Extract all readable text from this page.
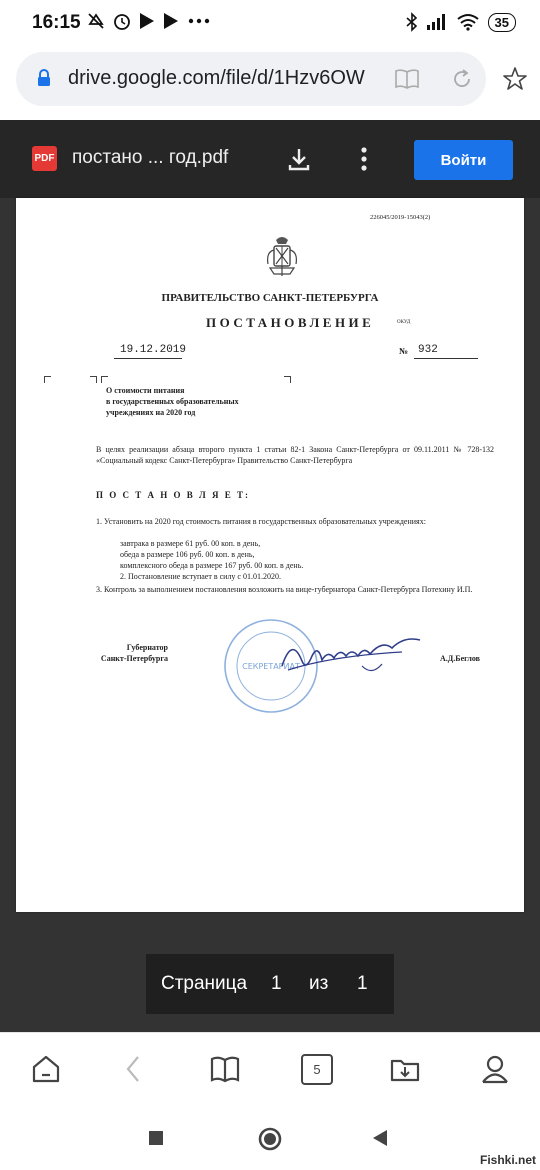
16:15	35
drive.google.com/file/d/1Hzv6OW
PDF постано ... год.pdf	Войти
226045/2019-15043(2)
ПРАВИТЕЛЬСТВО САНКТ-ПЕТЕРБУРГА
ПОСТАНОВЛЕНИЕ	ОКУД
19.12.2019	№ 932
О стоимости питания
в государственных образовательных
учреждениях на 2020 год
В целях реализации абзаца второго пункта 1 статьи 82-1 Закона Санкт-Петербурга от 09.11.2011 № 728-132 «Социальный кодекс Санкт-Петербурга» Правительство Санкт-Петербурга
П О С Т А Н О В Л Я Е Т:
1. Установить на 2020 год стоимость питания в государственных образовательных учреждениях:
завтрака в размере 61 руб. 00 коп. в день,
обеда в размере 106 руб. 00 коп. в день,
комплексного обеда в размере 167 руб. 00 коп. в день.
2. Постановление вступает в силу с 01.01.2020.
3. Контроль за выполнением постановления возложить на вице-губернатора Санкт-Петербурга Потехину И.П.
Губернатор
Санкт-Петербурга
СЕКРЕТАРИАТ
А.Д.Беглов
Страница 1 из 1
5
Fishki.net
